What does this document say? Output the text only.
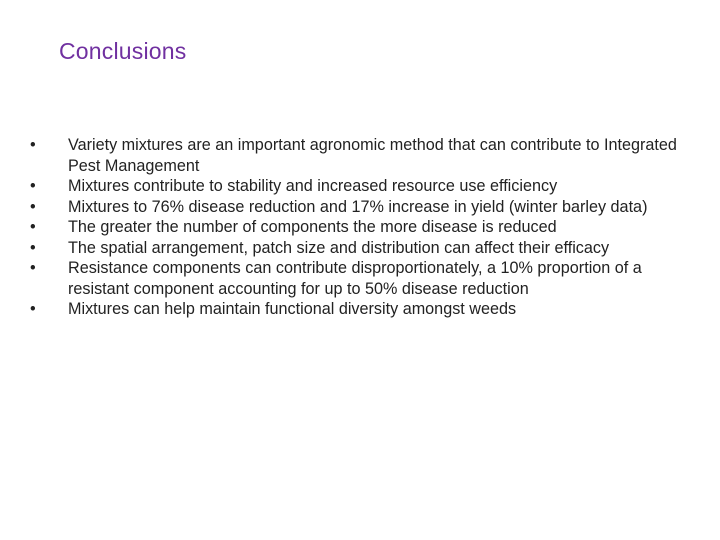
Conclusions
•	Variety mixtures are an important agronomic method that can contribute to Integrated Pest Management
•	Mixtures contribute to stability and increased resource use efficiency
•	Mixtures to 76% disease reduction and 17% increase in yield (winter barley data)
•	The greater the number of components the more disease is reduced
•	The spatial arrangement, patch size and distribution can affect their efficacy
•	Resistance components can contribute disproportionately, a 10% proportion of a resistant component accounting for up to 50% disease reduction
•	Mixtures can help maintain functional diversity amongst weeds
